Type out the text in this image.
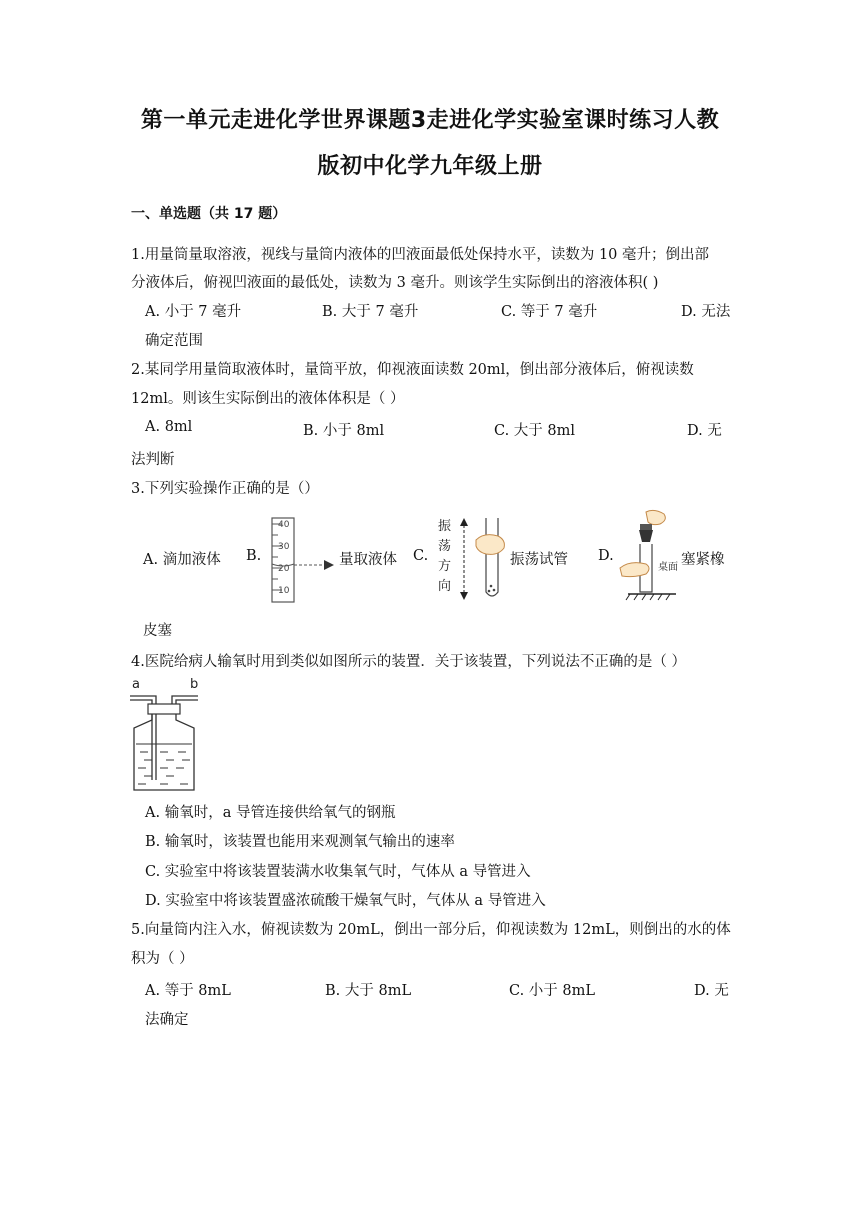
第一单元走进化学世界课题3走进化学实验室课时练习人教
版初中化学九年级上册
一、单选题（共 17 题）
1.用量筒量取溶液，视线与量筒内液体的凹液面最低处保持水平，读数为 10 毫升；倒出部
分液体后，俯视凹液面的最低处，读数为 3 毫升。则该学生实际倒出的溶液体积( )
A. 小于 7 毫升	B. 大于 7 毫升	C. 等于 7 毫升	D. 无法
确定范围
2.某同学用量筒取液体时，量筒平放，仰视液面读数 20ml，倒出部分液体后，俯视读数
12ml。则该生实际倒出的液体体积是（ ）
A. 8ml	B. 小于 8ml	C. 大于 8ml	D. 无
法判断
3.下列实验操作正确的是（）
A. 滴加液体 B.
40
30
20
10
量取液体 C.
振
荡
方
向
振荡试管 D.
桌面 塞紧橡
皮塞
4.医院给病人输氧时用到类似如图所示的装置．关于该装置，下列说法不正确的是（ ）
a	b
A. 输氧时，a 导管连接供给氧气的钢瓶
B. 输氧时，该装置也能用来观测氧气输出的速率
C. 实验室中将该装置装满水收集氧气时，气体从 a 导管进入
D. 实验室中将该装置盛浓硫酸干燥氧气时，气体从 a 导管进入
5.向量筒内注入水，俯视读数为 20mL，倒出一部分后，仰视读数为 12mL，则倒出的水的体
积为（ ）
A. 等于 8mL	B. 大于 8mL	C. 小于 8mL	D. 无
法确定
